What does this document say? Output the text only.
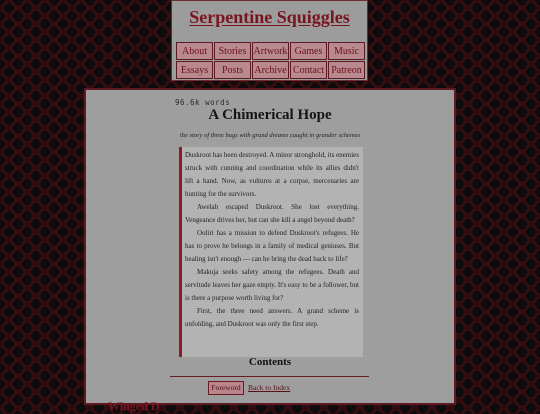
Serpentine Squiggles
About	Stories Artwork Games	Music
Essays	Posts	Archive Contact Patreon
96.6k words
A Chimerical Hope
the story of three bugs with grand dreams caught in grander schemes

Duskroot has been destroyed. A minor stronghold, its enemies struck with cunning and coordination while its allies didn't lift a hand. Now, as vultures at a corpse, mercenaries are hunting for the survivors.

Awelah escaped Duskroot. She lost everything. Vengeance drives her, but can she kill a angel beyond death?

Ooliri has a mission to defend Duskroot's refugees. He has to prove he belongs in a family of medical geniuses. But healing isn't enough — can he bring the dead back to life?

Makuja seeks safety among the refugees. Death and servitude leaves her gaze empty. It's easy to be a follower, but is there a purpose worth living for?

First, the three need answers. A grand scheme is unfolding, and Duskroot was only the first step.

Contents
Foreword Back to Index
Winged D
